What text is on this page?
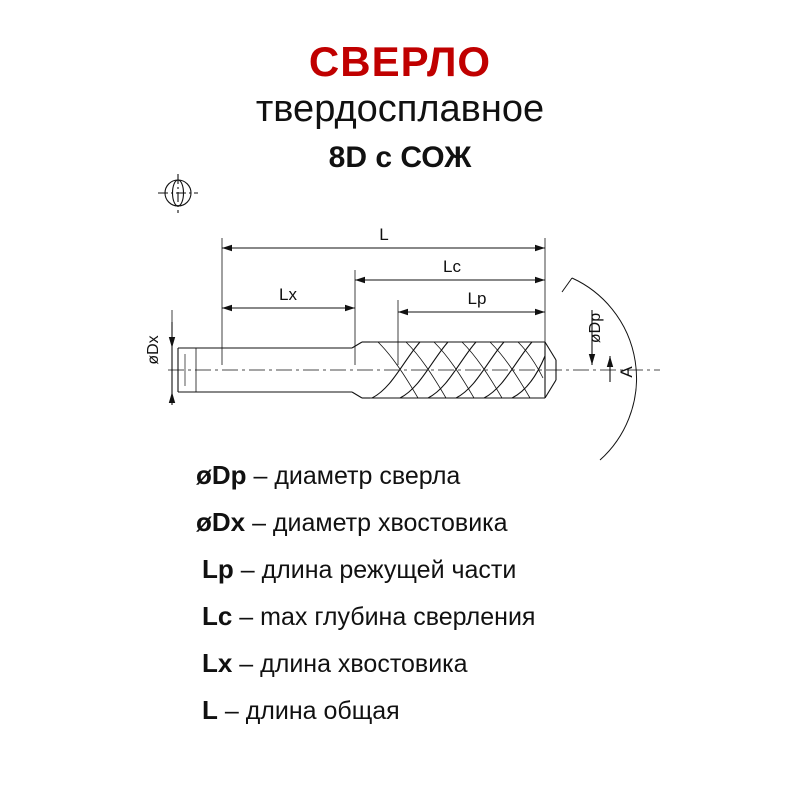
СВЕРЛО
твердосплавное
8D с СОЖ
L
Lc
Lx	Lp
øDx
øDp
A
øDp – диаметр сверла
øDx – диаметр хвостовика
Lp – длина режущей части
Lc – max глубина сверления
Lx – длина хвостовика
L – длина общая
